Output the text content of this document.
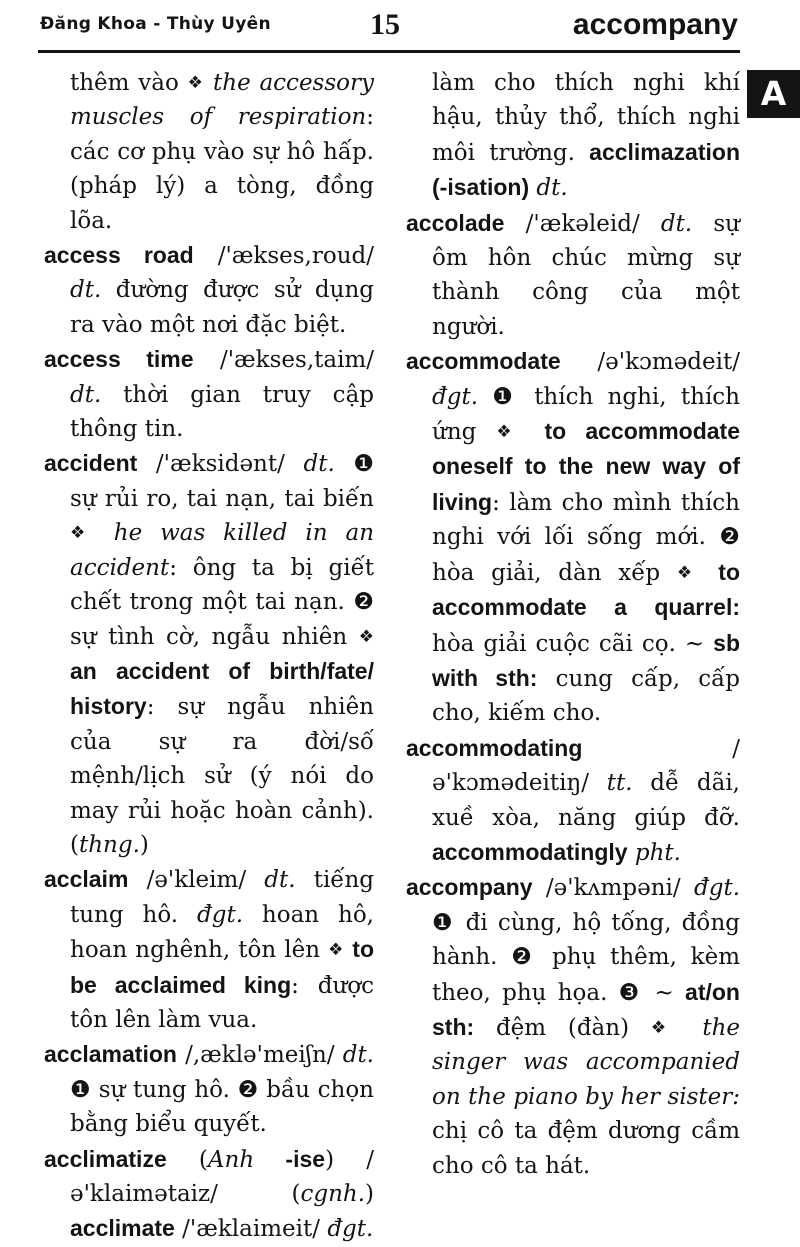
Đăng Khoa - Thùy Uyên	15	accompany
A

thêm vào ❖ the accessory muscles of respiration: các cơ phụ vào sự hô hấp. (pháp lý) a tòng, đồng lõa.

access road /'ækses,roud/ dt. đường được sử dụng ra vào một nơi đặc biệt.

access time /'ækses,taim/ dt. thời gian truy cập thông tin.

accident /'æksidənt/ dt. ❶ sự rủi ro, tai nạn, tai biến ❖ he was killed in an accident: ông ta bị giết chết trong một tai nạn. ❷ sự tình cờ, ngẫu nhiên ❖ an accident of birth/fate/ history: sự ngẫu nhiên của sự ra đời/số mệnh/lịch sử (ý nói do may rủi hoặc hoàn cảnh). (thng.)

acclaim /ə'kleim/ dt. tiếng tung hô. đgt. hoan hô, hoan nghênh, tôn lên ❖ to be acclaimed king: được tôn lên làm vua.

acclamation /,æklə'meiʃn/ dt. ❶ sự tung hô. ❷ bầu chọn bằng biểu quyết.

acclimatize (Anh -ise) /ə'klaimətaiz/ (cgnh.) acclimate /'æklaimeit/ đgt.

làm cho thích nghi khí hậu, thủy thổ, thích nghi môi trường. acclimazation (-isation) dt.

accolade /'ækəleid/ dt. sự ôm hôn chúc mừng sự thành công của một người.

accommodate /ə'kɔmədeit/ đgt. ❶ thích nghi, thích ứng ❖ to accommodate oneself to the new way of living: làm cho mình thích nghi với lối sống mới. ❷ hòa giải, dàn xếp ❖ to accommodate a quarrel: hòa giải cuộc cãi cọ. ~ sb with sth: cung cấp, cấp cho, kiếm cho.

accommodating /ə'kɔmədeitiŋ/ tt. dễ dãi, xuề xòa, năng giúp đỡ. accommodatingly pht.

accompany /ə'kʌmpəni/ đgt. ❶ đi cùng, hộ tống, đồng hành. ❷ phụ thêm, kèm theo, phụ họa. ❸ ~ at/on sth: đệm (đàn) ❖ the singer was accompanied on the piano by her sister: chị cô ta đệm dương cầm cho cô ta hát.
